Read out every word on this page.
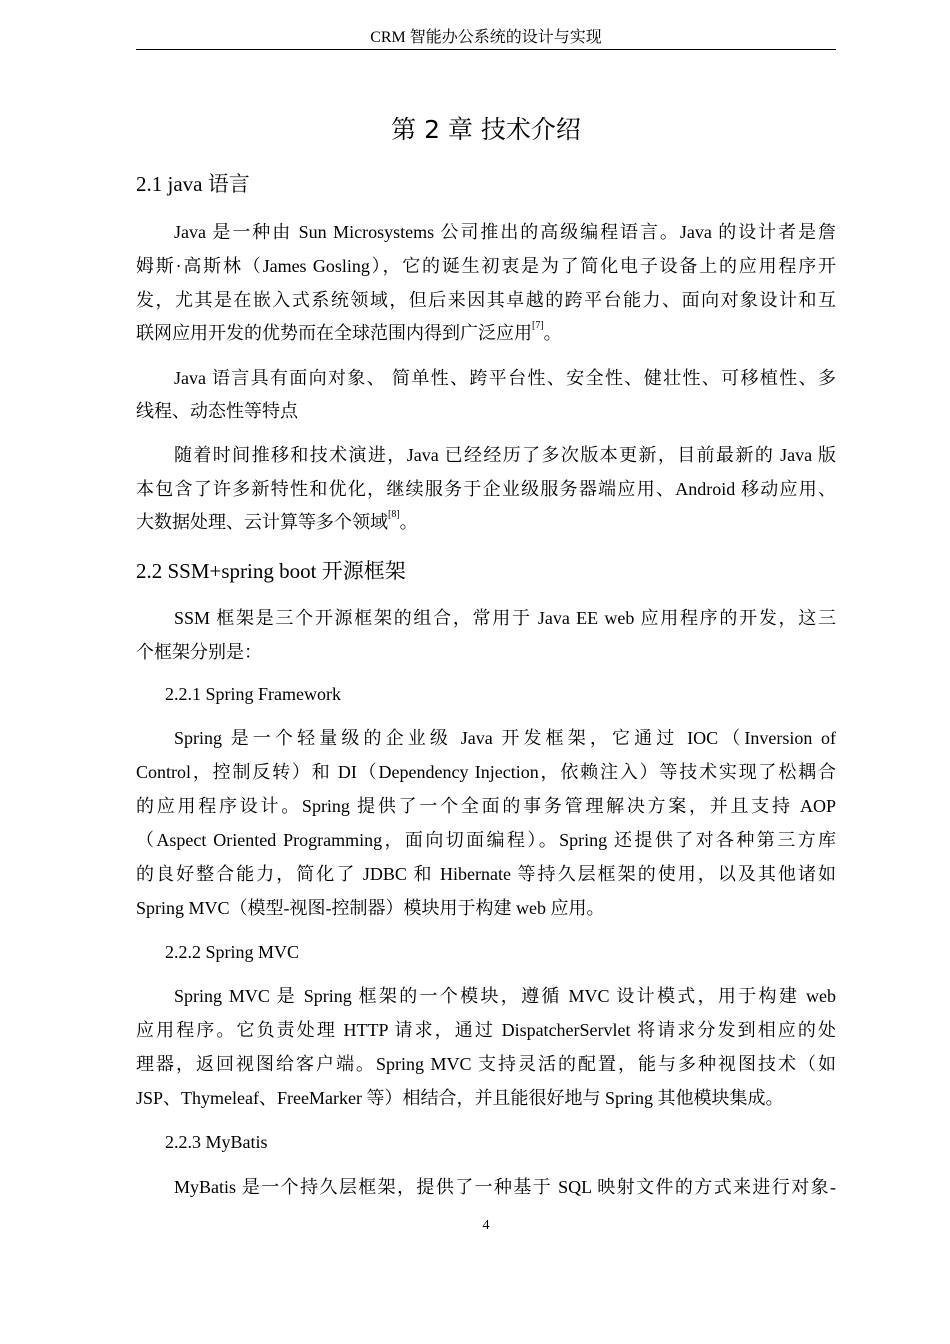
CRM 智能办公系统的设计与实现
第 2 章 技术介绍
2.1 java 语言
2.2 SSM+spring boot 开源框架
2.2.1 Spring Framework
2.2.2 Spring MVC
2.2.3 MyBatis
Java 是一种由 Sun Microsystems 公司推出的高级编程语言。Java 的设计者是詹
姆斯·高斯林（James Gosling），它的诞生初衷是为了简化电子设备上的应用程序开
发，尤其是在嵌入式系统领域，但后来因其卓越的跨平台能力、面向对象设计和互
联网应用开发的优势而在全球范围内得到广泛应用[7]。
Java 语言具有面向对象、 简单性、跨平台性、安全性、健壮性、可移植性、多
线程、动态性等特点
随着时间推移和技术演进，Java 已经经历了多次版本更新，目前最新的 Java 版
本包含了许多新特性和优化，继续服务于企业级服务器端应用、Android 移动应用、
大数据处理、云计算等多个领域[8]。
SSM 框架是三个开源框架的组合，常用于 Java EE web 应用程序的开发，这三
个框架分别是：
Spring 是一个轻量级的企业级 Java 开发框架，它通过 IOC（Inversion of
Control，控制反转）和 DI（Dependency Injection，依赖注入）等技术实现了松耦合
的应用程序设计。Spring 提供了一个全面的事务管理解决方案，并且支持 AOP
（Aspect Oriented Programming，面向切面编程）。Spring 还提供了对各种第三方库
的良好整合能力，简化了 JDBC 和 Hibernate 等持久层框架的使用，以及其他诸如
Spring MVC（模型-视图-控制器）模块用于构建 web 应用。
Spring MVC 是 Spring 框架的一个模块，遵循 MVC 设计模式，用于构建 web
应用程序。它负责处理 HTTP 请求，通过 DispatcherServlet 将请求分发到相应的处
理器，返回视图给客户端。Spring MVC 支持灵活的配置，能与多种视图技术（如
JSP、Thymeleaf、FreeMarker 等）相结合，并且能很好地与 Spring 其他模块集成。
MyBatis 是一个持久层框架，提供了一种基于 SQL 映射文件的方式来进行对象-
4
